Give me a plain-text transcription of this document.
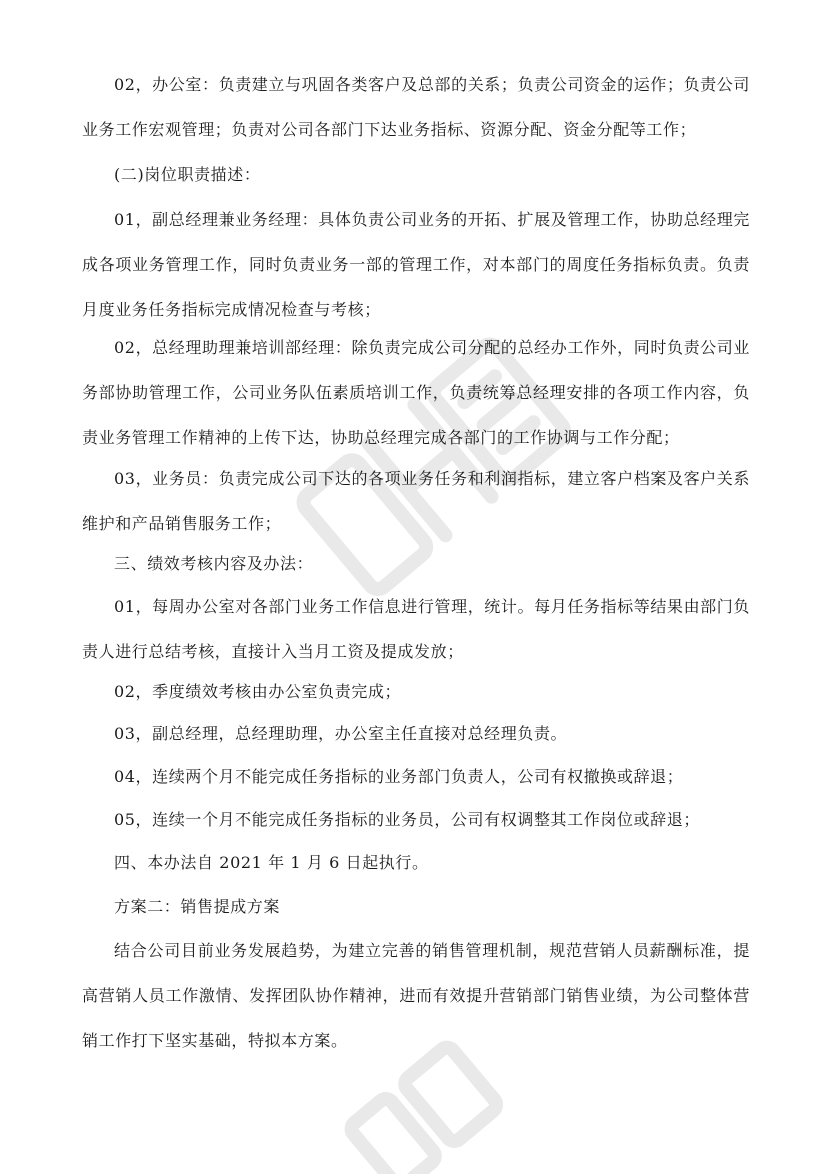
02，办公室：负责建立与巩固各类客户及总部的关系；负责公司资金的运作；负责公司业务工作宏观管理；负责对公司各部门下达业务指标、资源分配、资金分配等工作；

(二)岗位职责描述：

01，副总经理兼业务经理：具体负责公司业务的开拓、扩展及管理工作，协助总经理完成各项业务管理工作，同时负责业务一部的管理工作，对本部门的周度任务指标负责。负责月度业务任务指标完成情况检查与考核；

02，总经理助理兼培训部经理：除负责完成公司分配的总经办工作外，同时负责公司业务部协助管理工作，公司业务队伍素质培训工作，负责统筹总经理安排的各项工作内容，负责业务管理工作精神的上传下达，协助总经理完成各部门的工作协调与工作分配；

03，业务员：负责完成公司下达的各项业务任务和利润指标，建立客户档案及客户关系维护和产品销售服务工作；

三、绩效考核内容及办法：

01，每周办公室对各部门业务工作信息进行管理，统计。每月任务指标等结果由部门负责人进行总结考核，直接计入当月工资及提成发放；

02，季度绩效考核由办公室负责完成；

03，副总经理，总经理助理，办公室主任直接对总经理负责。

04，连续两个月不能完成任务指标的业务部门负责人，公司有权撤换或辞退；

05，连续一个月不能完成任务指标的业务员，公司有权调整其工作岗位或辞退；

四、本办法自 2021 年 1 月 6 日起执行。

方案二：销售提成方案

结合公司目前业务发展趋势，为建立完善的销售管理机制，规范营销人员薪酬标准，提高营销人员工作激情、发挥团队协作精神，进而有效提升营销部门销售业绩，为公司整体营销工作打下坚实基础，特拟本方案。
